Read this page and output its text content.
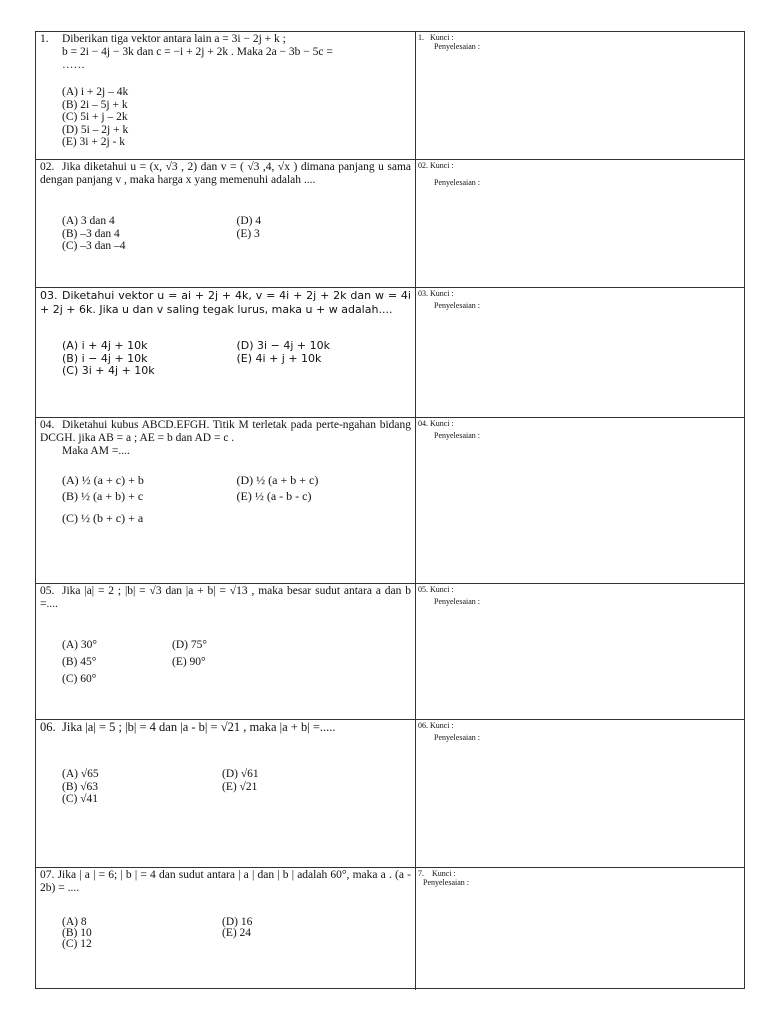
1. Diberikan tiga vektor antara lain a = 3i − 2j + k ;
b = 2i − 4j − 3k dan c = −i + 2j + 2k . Maka 2a − 3b − 5c =
……
(A) i + 2j – 4k
(B) 2i – 5j + k
(C) 5i + j – 2k
(D) 5i – 2j + k
(E) 3i + 2j - k
1. Kunci :
Penyelesaian :
02. Jika diketahui u = (x, √3 , 2) dan v = ( √3 ,4, √x ) dimana panjang u sama dengan panjang v , maka harga x yang memenuhi adalah ....
(A) 3 dan 4	(D) 4
(B) –3 dan 4	(E) 3
(C) –3 dan –4
02. Kunci :
Penyelesaian :
03. Diketahui vektor u = ai + 2j + 4k, v = 4i + 2j + 2k dan w = 4i + 2j + 6k. Jika u dan v saling tegak lurus, maka u + w adalah....
(A) i + 4j + 10k	(D) 3i − 4j + 10k
(B) i − 4j + 10k	(E) 4i + j + 10k
(C) 3i + 4j + 10k
03. Kunci :
Penyelesaian :
04. Diketahui kubus ABCD.EFGH. Titik M terletak pada perte-ngahan bidang DCGH. jika AB = a ; AE = b dan AD = c .
Maka AM =....
(A) ½ (a + c) + b	(D) ½ (a + b + c)
(B) ½ (a + b) + c	(E) ½ (a - b - c)
(C) ½ (b + c) + a
04. Kunci :
Penyelesaian :
05. Jika |a| = 2 ; |b| = √3 dan |a + b| = √13 , maka besar sudut antara a dan b =....
(A) 30°	(D) 75°
(B) 45°	(E) 90°
(C) 60°
05. Kunci :
Penyelesaian :
06. Jika |a| = 5 ; |b| = 4 dan |a - b| = √21 , maka |a + b| =.....
(A) √65	(D) √61
(B) √63	(E) √21
(C) √41
06. Kunci :
Penyelesaian :
07. Jika | a | = 6; | b | = 4 dan sudut antara | a | dan | b | adalah 60°, maka a . (a - 2b) = ....
(A) 8	(D) 16
(B) 10	(E) 24
(C) 12
7. Kunci :
Penyelesaian :
